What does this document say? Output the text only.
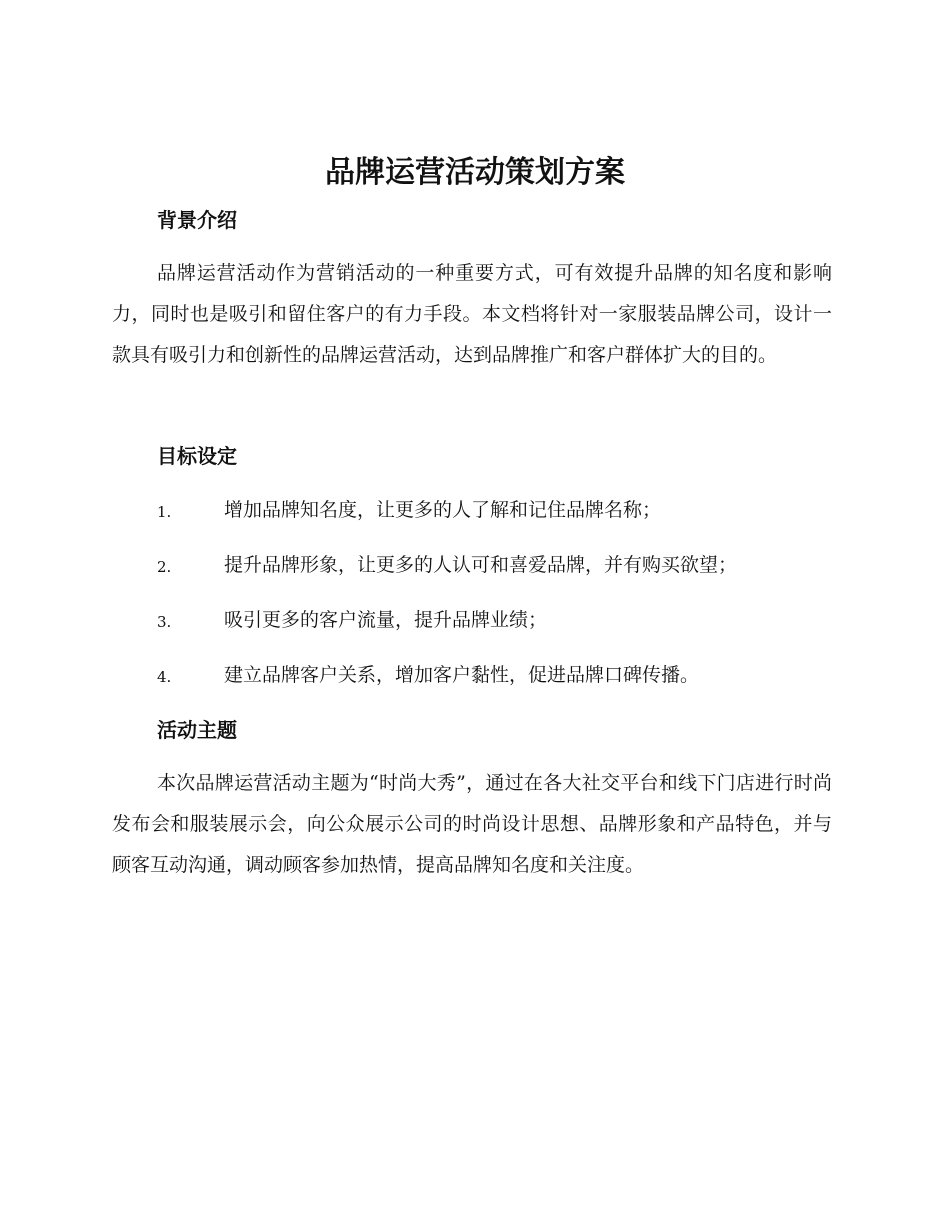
品牌运营活动策划方案
背景介绍
品牌运营活动作为营销活动的一种重要方式，可有效提升品牌的知名度和影响力，同时也是吸引和留住客户的有力手段。本文档将针对一家服装品牌公司，设计一款具有吸引力和创新性的品牌运营活动，达到品牌推广和客户群体扩大的目的。
目标设定
1.	增加品牌知名度，让更多的人了解和记住品牌名称；
2.	提升品牌形象，让更多的人认可和喜爱品牌，并有购买欲望；
3.	吸引更多的客户流量，提升品牌业绩；
4.	建立品牌客户关系，增加客户黏性，促进品牌口碑传播。
活动主题
本次品牌运营活动主题为“时尚大秀”，通过在各大社交平台和线下门店进行时尚发布会和服装展示会，向公众展示公司的时尚设计思想、品牌形象和产品特色，并与顾客互动沟通，调动顾客参加热情，提高品牌知名度和关注度。
